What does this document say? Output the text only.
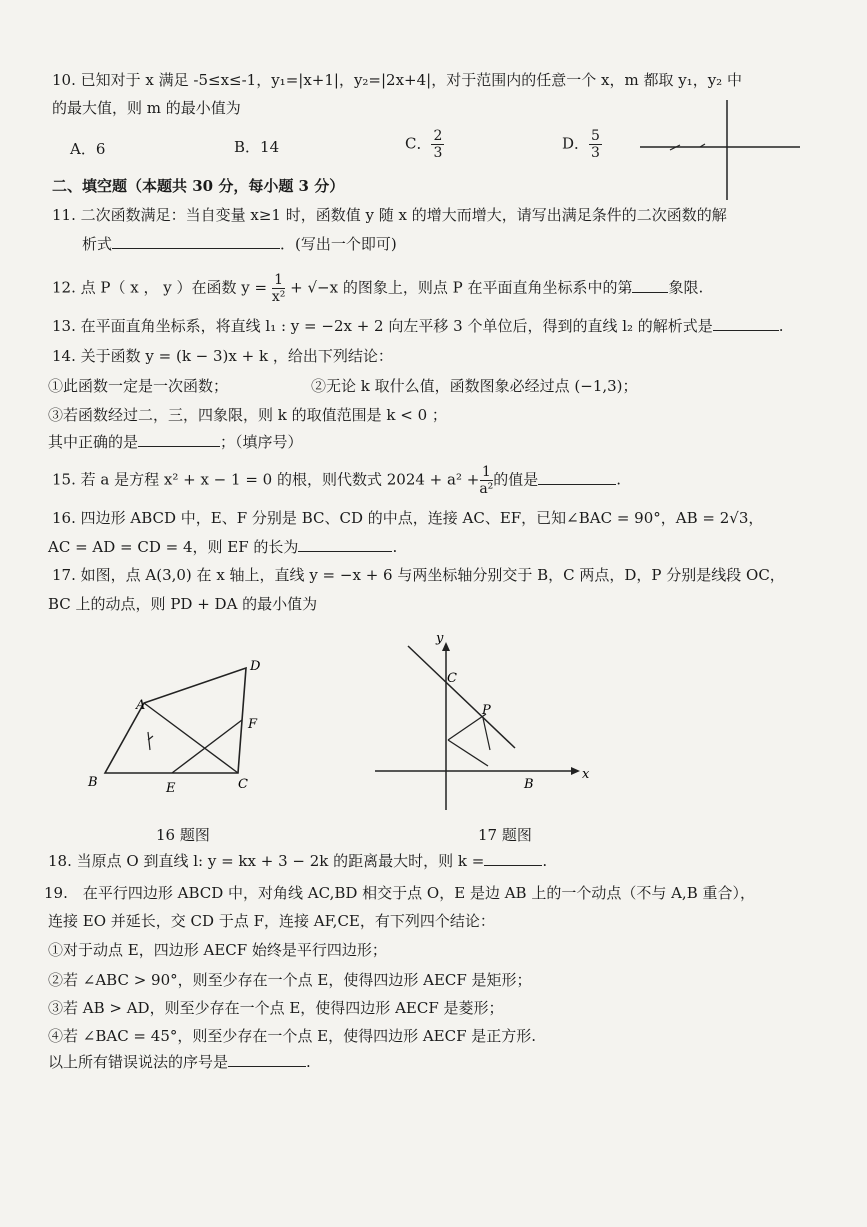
10. 已知对于 x 满足 -5≤x≤-1，y₁=|x+1|，y₂=|2x+4|，对于范围内的任意一个 x，m 都取 y₁，y₂ 中
的最大值，则 m 的最小值为
A．6	B．14	C． $\frac{2}{3}$	D． $\frac{5}{3}$
二、填空题（本题共 30 分，每小题 3 分）
11. 二次函数满足：当自变量 x≥1 时，函数值 y 随 x 的增大而增大，请写出满足条件的二次函数的解
析式	．(写出一个即可)
12. 点 P（ x ， y ）在函数 $y = \frac{1}{\text{x²}} + √-x$ 的图象上，则点 P 在平面直角坐标系中的第 象限.
13. 在平面直角坐标系，将直线 l₁ : y = −2x + 2 向左平移 3 个单位后，得到的直线 l₂ 的解析式是	.
14. 关于函数 y = (k − 3)x + k ，给出下列结论：
①此函数一定是一次函数；	②无论 k 取什么值，函数图象必经过点 (−1,3)；
③若函数经过二，三，四象限，则 k 的取值范围是 k < 0 ；
其中正确的是	；（填序号）
15. 若 a 是方程 x² + x − 1 = 0 的根，则代数式 $2024 + a^2 + \frac{1}{\text{a²}}$ 的值是	.
16. 四边形 ABCD 中，E、F 分别是 BC、CD 的中点，连接 AC、EF，已知∠BAC = 90°，AB = 2√3，
AC = AD = CD = 4，则 EF 的长为	.
17. 如图，点 A(3,0) 在 x 轴上，直线 y = −x + 6 与两坐标轴分别交于 B，C 两点，D，P 分别是线段 OC，
BC 上的动点，则 PD + DA 的最小值为
A
B	C
D
E
F
16 题图
y
x
C
P
B
17 题图
18. 当原点 O 到直线 l: y = kx + 3 − 2k 的距离最大时，则 k =	.
19.　在平行四边形 ABCD 中，对角线 AC,BD 相交于点 O，E 是边 AB 上的一个动点（不与 A,B 重合），
连接 EO 并延长，交 CD 于点 F，连接 AF,CE，有下列四个结论：
①对于动点 E，四边形 AECF 始终是平行四边形；
②若 ∠ABC > 90°，则至少存在一个点 E，使得四边形 AECF 是矩形；
③若 AB > AD，则至少存在一个点 E，使得四边形 AECF 是菱形；
④若 ∠BAC = 45°，则至少存在一个点 E，使得四边形 AECF 是正方形.
以上所有错误说法的序号是	.
